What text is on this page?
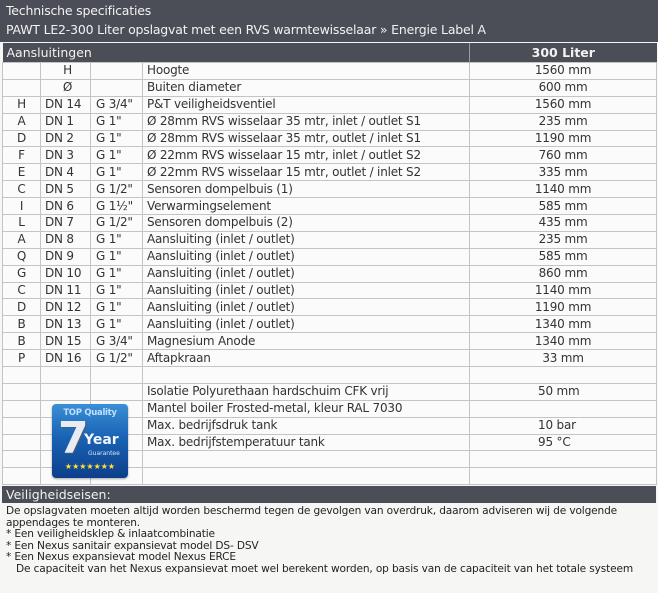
Technische specificaties
PAWT LE2-300 Liter opslagvat met een RVS warmtewisselaar » Energie Label A
Aansluitingen				300 Liter
	H		Hoogte	1560 mm
	Ø		Buiten diameter	600 mm
H	DN 14	G 3/4"	P&T veiligheidsventiel	1560 mm
A	DN 1	G 1"	Ø 28mm RVS wisselaar 35 mtr, inlet / outlet S1	235 mm
D	DN 2	G 1"	Ø 28mm RVS wisselaar 35 mtr, outlet / inlet S1	1190 mm
F	DN 3	G 1"	Ø 22mm RVS wisselaar 15 mtr, inlet / outlet S2	760 mm
E	DN 4	G 1"	Ø 22mm RVS wisselaar 15 mtr, outlet / inlet S2	335 mm
C	DN 5	G 1/2"	Sensoren dompelbuis (1)	1140 mm
I	DN 6	G 1½"	Verwarmingselement	585 mm
L	DN 7	G 1/2"	Sensoren dompelbuis (2)	435 mm
A	DN 8	G 1"	Aansluiting (inlet / outlet)	235 mm
Q	DN 9	G 1"	Aansluiting (inlet / outlet)	585 mm
G	DN 10	G 1"	Aansluiting (inlet / outlet)	860 mm
C	DN 11	G 1"	Aansluiting (inlet / outlet)	1140 mm
D	DN 12	G 1"	Aansluiting (inlet / outlet)	1190 mm
B	DN 13	G 1"	Aansluiting (inlet / outlet)	1340 mm
B	DN 15	G 3/4"	Magnesium Anode	1340 mm
P	DN 16	G 1/2"	Aftapkraan	33 mm

			Isolatie Polyurethaan hardschuim CFK vrij	50 mm
			Mantel boiler Frosted-metal, kleur RAL 7030	
			Max. bedrijfsdruk tank	10 bar
			Max. bedrijfstemperatuur tank	95 °C

TOP Quality
7
Year
Guarantee
★★★★★★★
Veiligheidseisen:
De opslagvaten moeten altijd worden beschermd tegen de gevolgen van overdruk, daarom adviseren wij de volgende
appendages te monteren.
* Een veiligheidsklep & inlaatcombinatie
* Een Nexus sanitair expansievat model DS- DSV
* Een Nexus expansievat model Nexus ERCE
De capaciteit van het Nexus expansievat moet wel berekent worden, op basis van de capaciteit van het totale systeem
